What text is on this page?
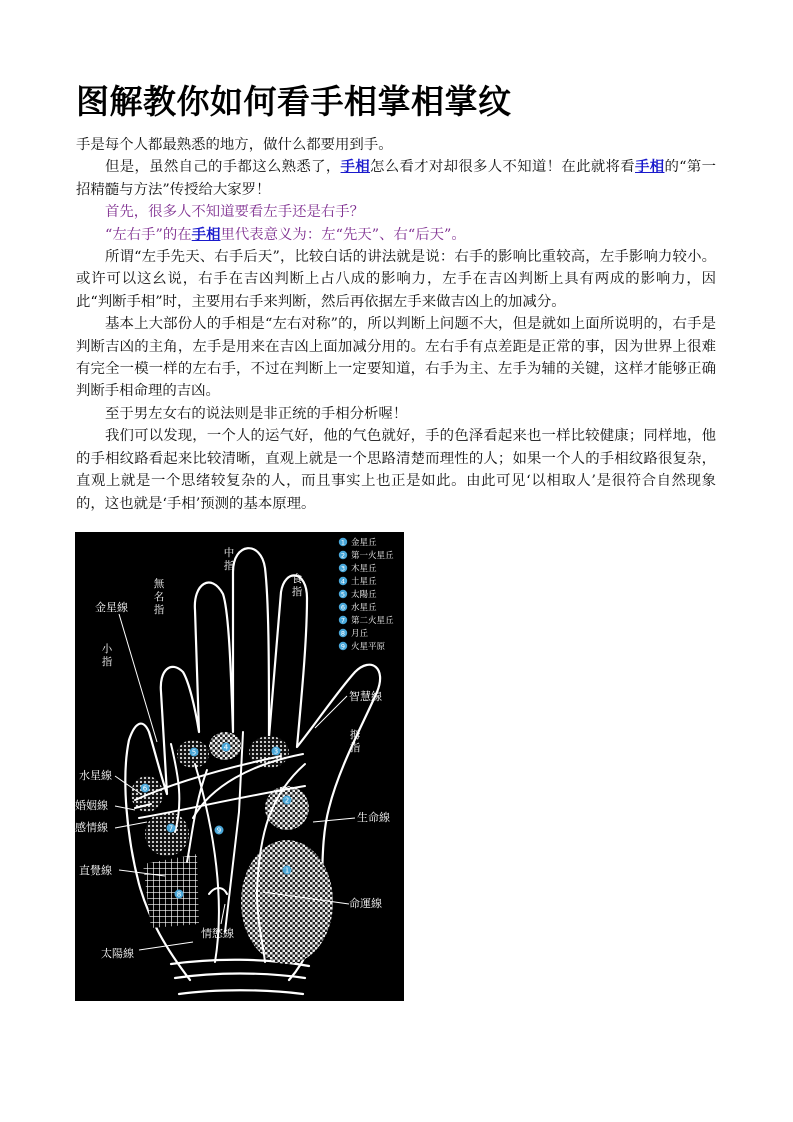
图解教你如何看手相掌相掌纹

手是每个人都最熟悉的地方，做什么都要用到手。

但是，虽然自己的手都这么熟悉了，手相怎么看才对却很多人不知道！在此就将看手相的“第一招精髓与方法”传授给大家罗！

首先，很多人不知道要看左手还是右手？

“左右手”的在手相里代表意义为：左“先天”、右“后天”。

所谓“左手先天、右手后天”，比较白话的讲法就是说：右手的影响比重较高，左手影响力较小。或许可以这幺说，右手在吉凶判断上占八成的影响力，左手在吉凶判断上具有两成的影响力，因此“判断手相”时，主要用右手来判断，然后再依据左手来做吉凶上的加减分。

基本上大部份人的手相是“左右对称”的，所以判断上问题不大，但是就如上面所说明的，右手是判断吉凶的主角，左手是用来在吉凶上面加减分用的。左右手有点差距是正常的事，因为世界上很难有完全一模一样的左右手，不过在判断上一定要知道，右手为主、左手为辅的关键，这样才能够正确判断手相命理的吉凶。

至于男左女右的说法则是非正统的手相分析喔！

我们可以发现，一个人的运气好，他的气色就好，手的色泽看起来也一样比较健康；同样地，他的手相纹路看起来比较清晰，直观上就是一个思路清楚而理性的人；如果一个人的手相纹路很复杂，直观上就是一个思绪较复杂的人，而且事实上也正是如此。由此可见‘以相取人’是很符合自然现象的，这也就是‘手相’预测的基本原理。

1
2
3
4
5
6
7
8
9
中
指
無
名
指
食
指
小
指
拇
指
金星線
智慧線
水星線
婚姻線
感情線
生命線
直覺線
命運線
情慾線
太陽線
1
2
3
4
5
6
7
8
9
金星丘
第一火星丘
木星丘
土星丘
太陽丘
水星丘
第二火星丘
月丘
火星平原
